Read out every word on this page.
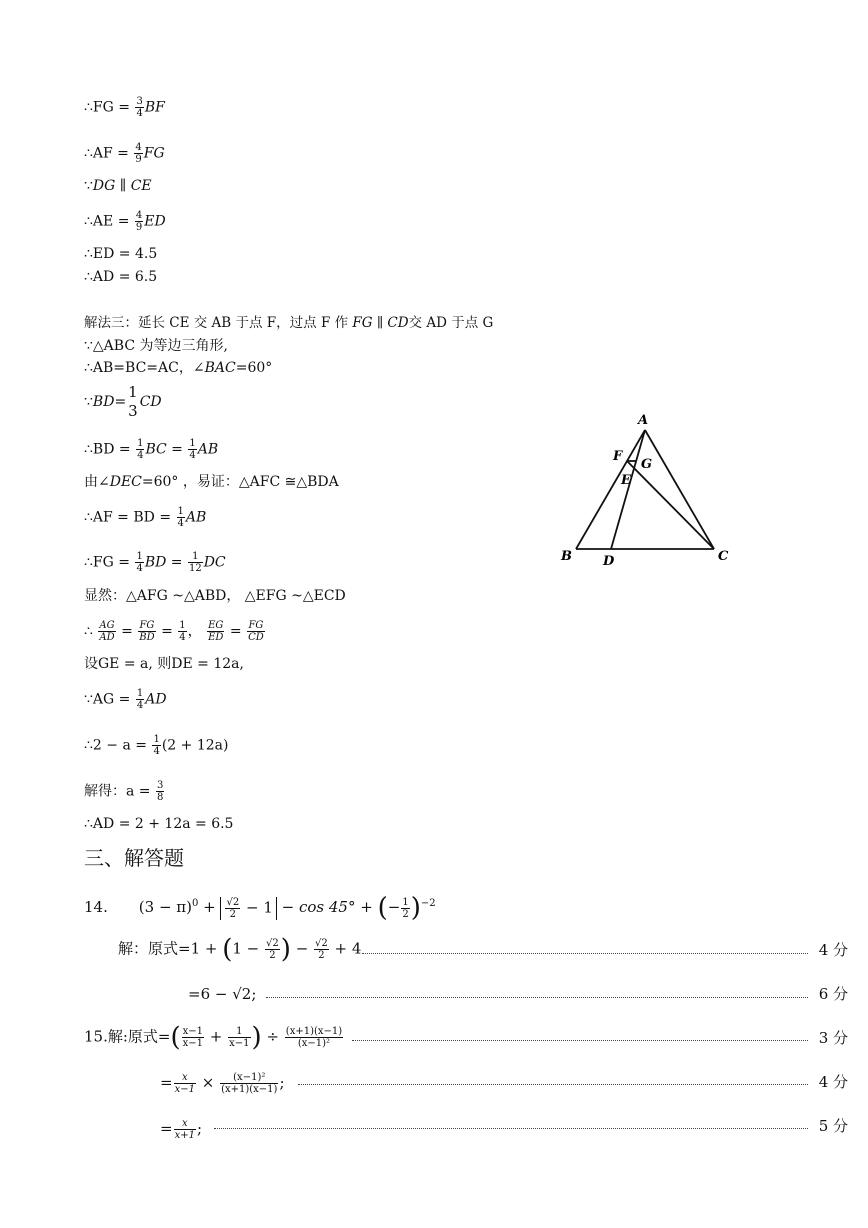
∴FG = $\frac{3}{4}$ BF
∴AF = $\frac{4}{9}$ FG
∵DG ∥ CE
∴AE = $\frac{4}{9}$ ED
∴ED = 4.5
∴AD = 6.5
解法三：延长 CE 交 AB 于点 F，过点 F 作 FG ∥ CD交 AD 于点 G
∵△ABC 为等边三角形,
∴AB=BC=AC，∠BAC=60°
∵BD=
1
3 CD
∴BD = $\frac{1}{4}$ BC = $\frac{1}{4}$ AB
由∠DEC=60° ，易证：△AFC ≅△BDA
∴AF = BD = $\frac{1}{4}$ AB
∴FG = $\frac{1}{4}$ BD = $\frac{1}{12}$ DC
显然：△AFG ~△ABD， △EFG ~△ECD
∴ $\frac{AG}{AD} = \frac{FG}{BD} = \frac{1}{4}$ ， $\frac{EG}{ED} = \frac{FG}{CD}$
设GE = a, 则DE = 12a,
∵AG = $\frac{1}{4}$ AD
∴2 − $a = \frac{1}{4} (2 + 12a)$
解得：$a = \frac{3}{8}$
∴AD = 2 + 12a = 6.5
三、解答题
14. $(3 - \pi)^0 + \frac{√2}{2} - 1 - \cos 45^\circ$ + (− $\frac{1}{2} )^{-2}$
解：原式$=1 + (1 - \frac{√2}{2}$ ) − $\frac{√2}{2} + 4$	4 分
=6 − √2;	6 分
15.解:原式=( $\frac{x-1}{x-1} + \frac{1}{x-1}$ ) ÷ $\frac{(x+1)(x-1)}{\text{(x−1)²}}$	3 分
= $\frac{x}{x-1} \times \frac{\text{(x−1)²}}{(x+1)(x-1)}$ ;	4 分
= $\frac{x}{x+1}$ ;	5 分
A
F
G
E
B D	C
